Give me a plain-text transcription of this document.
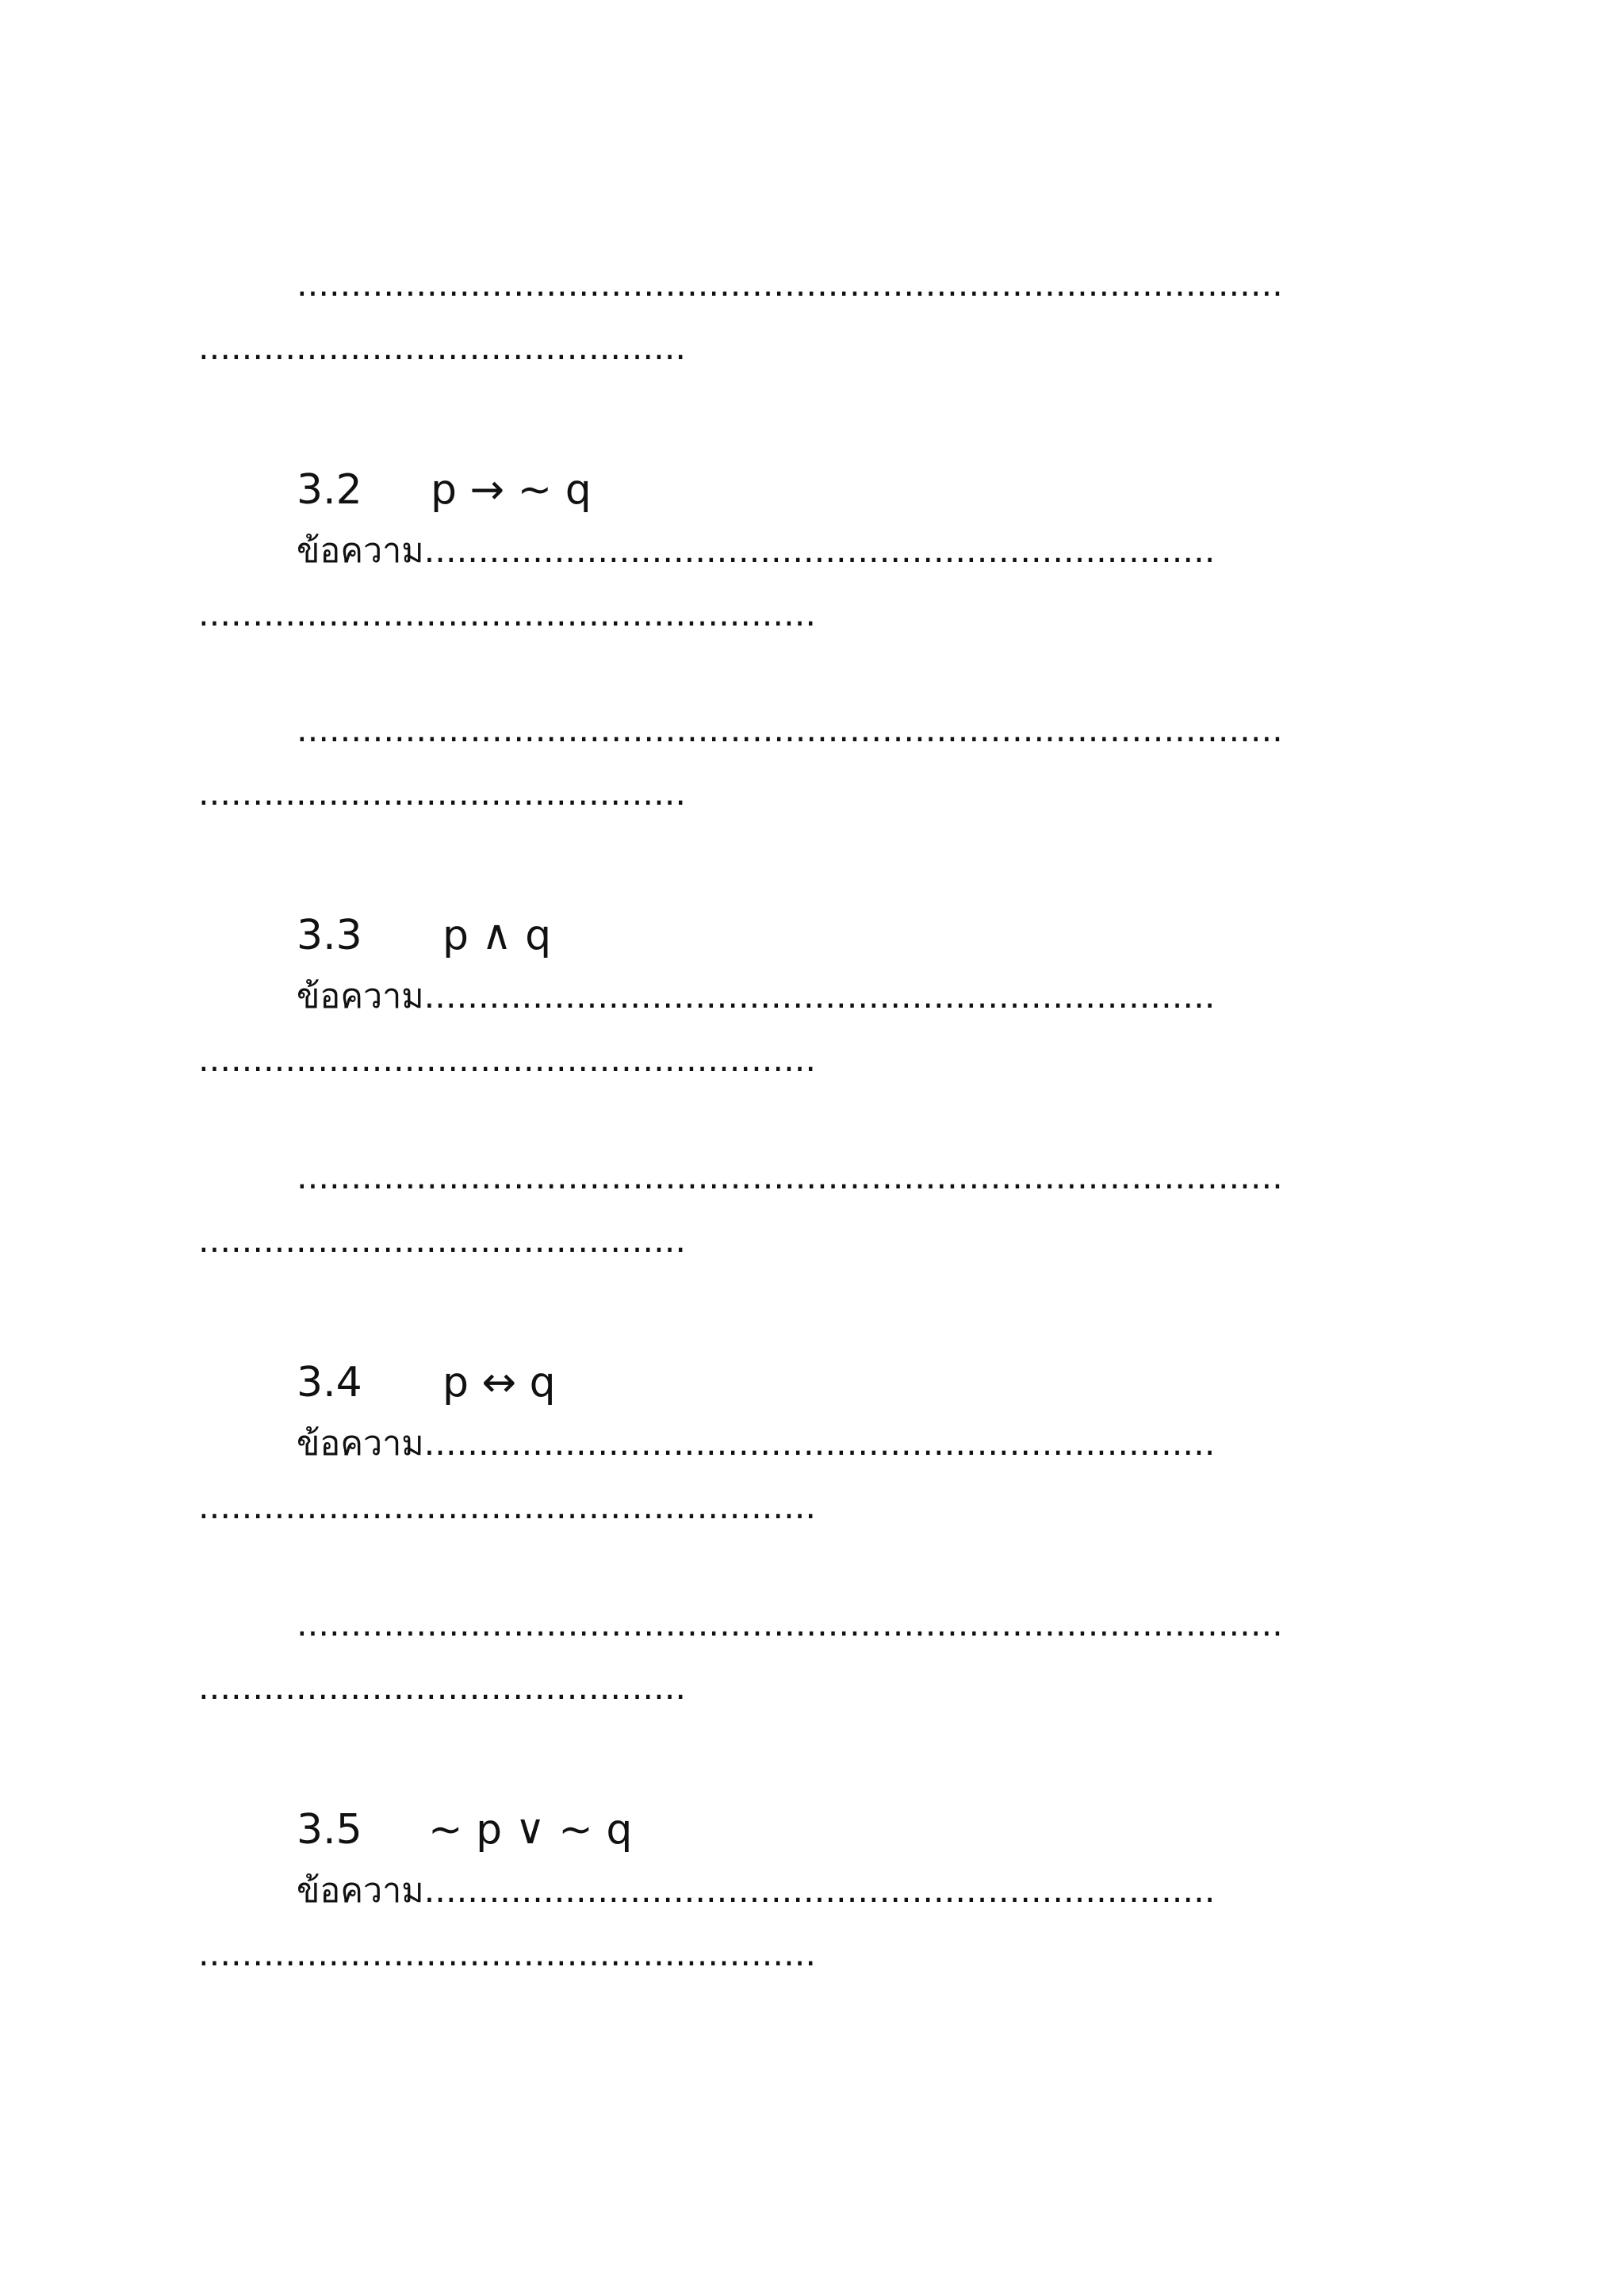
...........................................................................................
.............................................
3.2 p → ~ q
ข้อความ.........................................................................
.........................................................
...........................................................................................
.............................................
3.3 p ∧ q
ข้อความ.........................................................................
.........................................................
...........................................................................................
.............................................
3.4 p ↔ q
ข้อความ.........................................................................
.........................................................
...........................................................................................
.............................................
3.5 ~ p ∨ ~ q
ข้อความ.........................................................................
.........................................................
